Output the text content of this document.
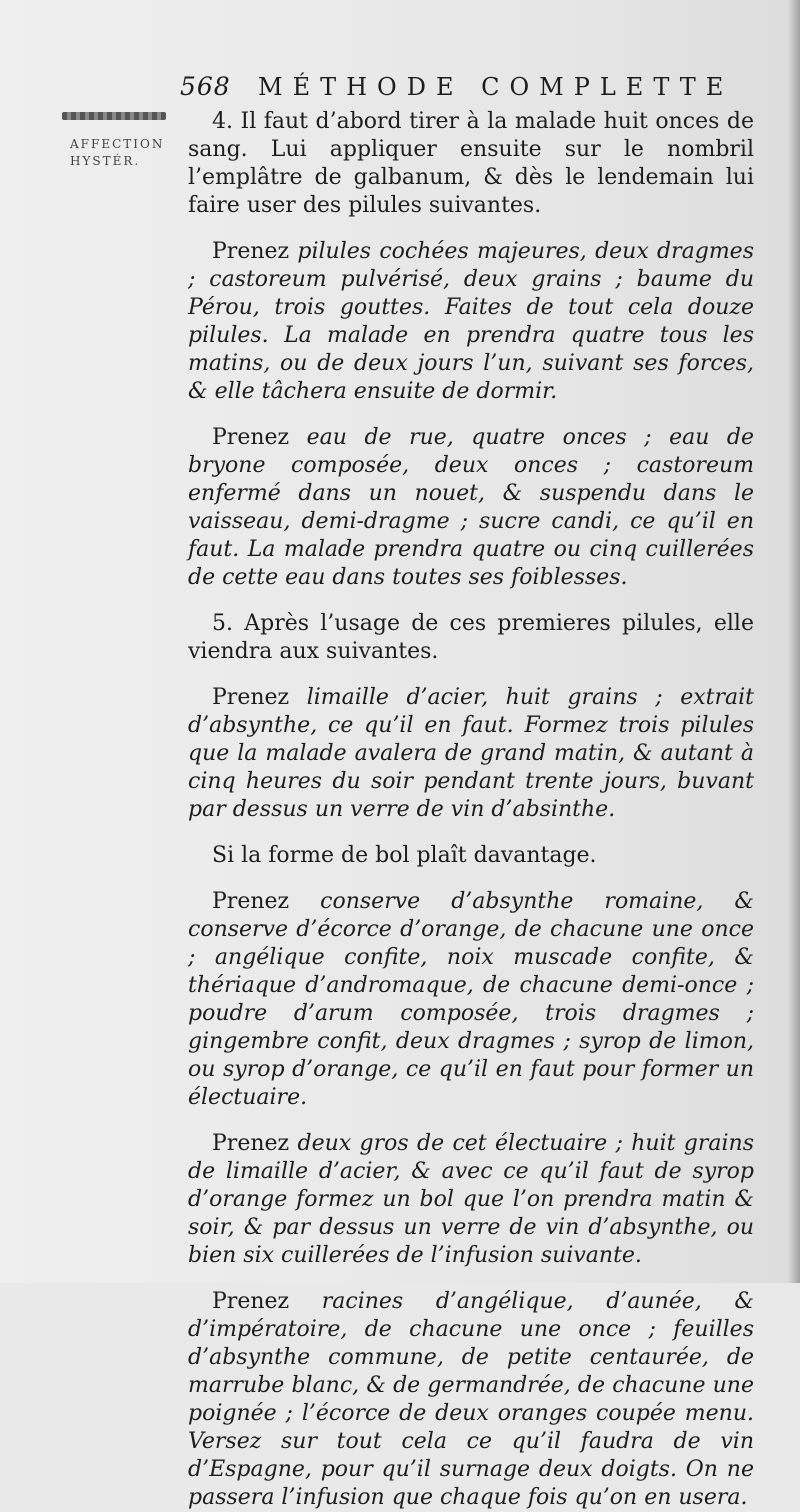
568 MÉTHODE COMPLETTE
AFFECTION
HYSTÉR.

4. Il faut d’abord tirer à la malade huit onces de sang. Lui appliquer ensuite sur le nombril l’emplâtre de galbanum, & dès le lendemain lui faire user des pilules suivantes.

Prenez pilules cochées majeures, deux dragmes ; castoreum pulvérisé, deux grains ; baume du Pérou, trois gouttes. Faites de tout cela douze pilules. La malade en prendra quatre tous les matins, ou de deux jours l’un, suivant ses forces, & elle tâchera ensuite de dormir.

Prenez eau de rue, quatre onces ; eau de bryone composée, deux onces ; castoreum enfermé dans un nouet, & suspendu dans le vaisseau, demi-dragme ; sucre candi, ce qu’il en faut. La malade prendra quatre ou cinq cuillerées de cette eau dans toutes ses foiblesses.

5. Après l’usage de ces premieres pilules, elle viendra aux suivantes.

Prenez limaille d’acier, huit grains ; extrait d’absynthe, ce qu’il en faut. Formez trois pilules que la malade avalera de grand matin, & autant à cinq heures du soir pendant trente jours, buvant par dessus un verre de vin d’absinthe.

Si la forme de bol plaît davantage.

Prenez conserve d’absynthe romaine, & conserve d’écorce d’orange, de chacune une once ; angélique confite, noix muscade confite, & thériaque d’andromaque, de chacune demi-once ; poudre d’arum composée, trois dragmes ; gingembre confit, deux dragmes ; syrop de limon, ou syrop d’orange, ce qu’il en faut pour former un électuaire.

Prenez deux gros de cet électuaire ; huit grains de limaille d’acier, & avec ce qu’il faut de syrop d’orange formez un bol que l’on prendra matin & soir, & par dessus un verre de vin d’absynthe, ou bien six cuillerées de l’infusion suivante.

Prenez racines d’angélique, d’aunée, & d’impératoire, de chacune une once ; feuilles d’absynthe commune, de petite centaurée, de marrube blanc, & de germandrée, de chacune une poignée ; l’écorce de deux oranges coupée menu. Versez sur tout cela ce qu’il faudra de vin d’Espagne, pour qu’il surnage deux doigts. On ne passera l’infusion que chaque fois qu’on en usera.
